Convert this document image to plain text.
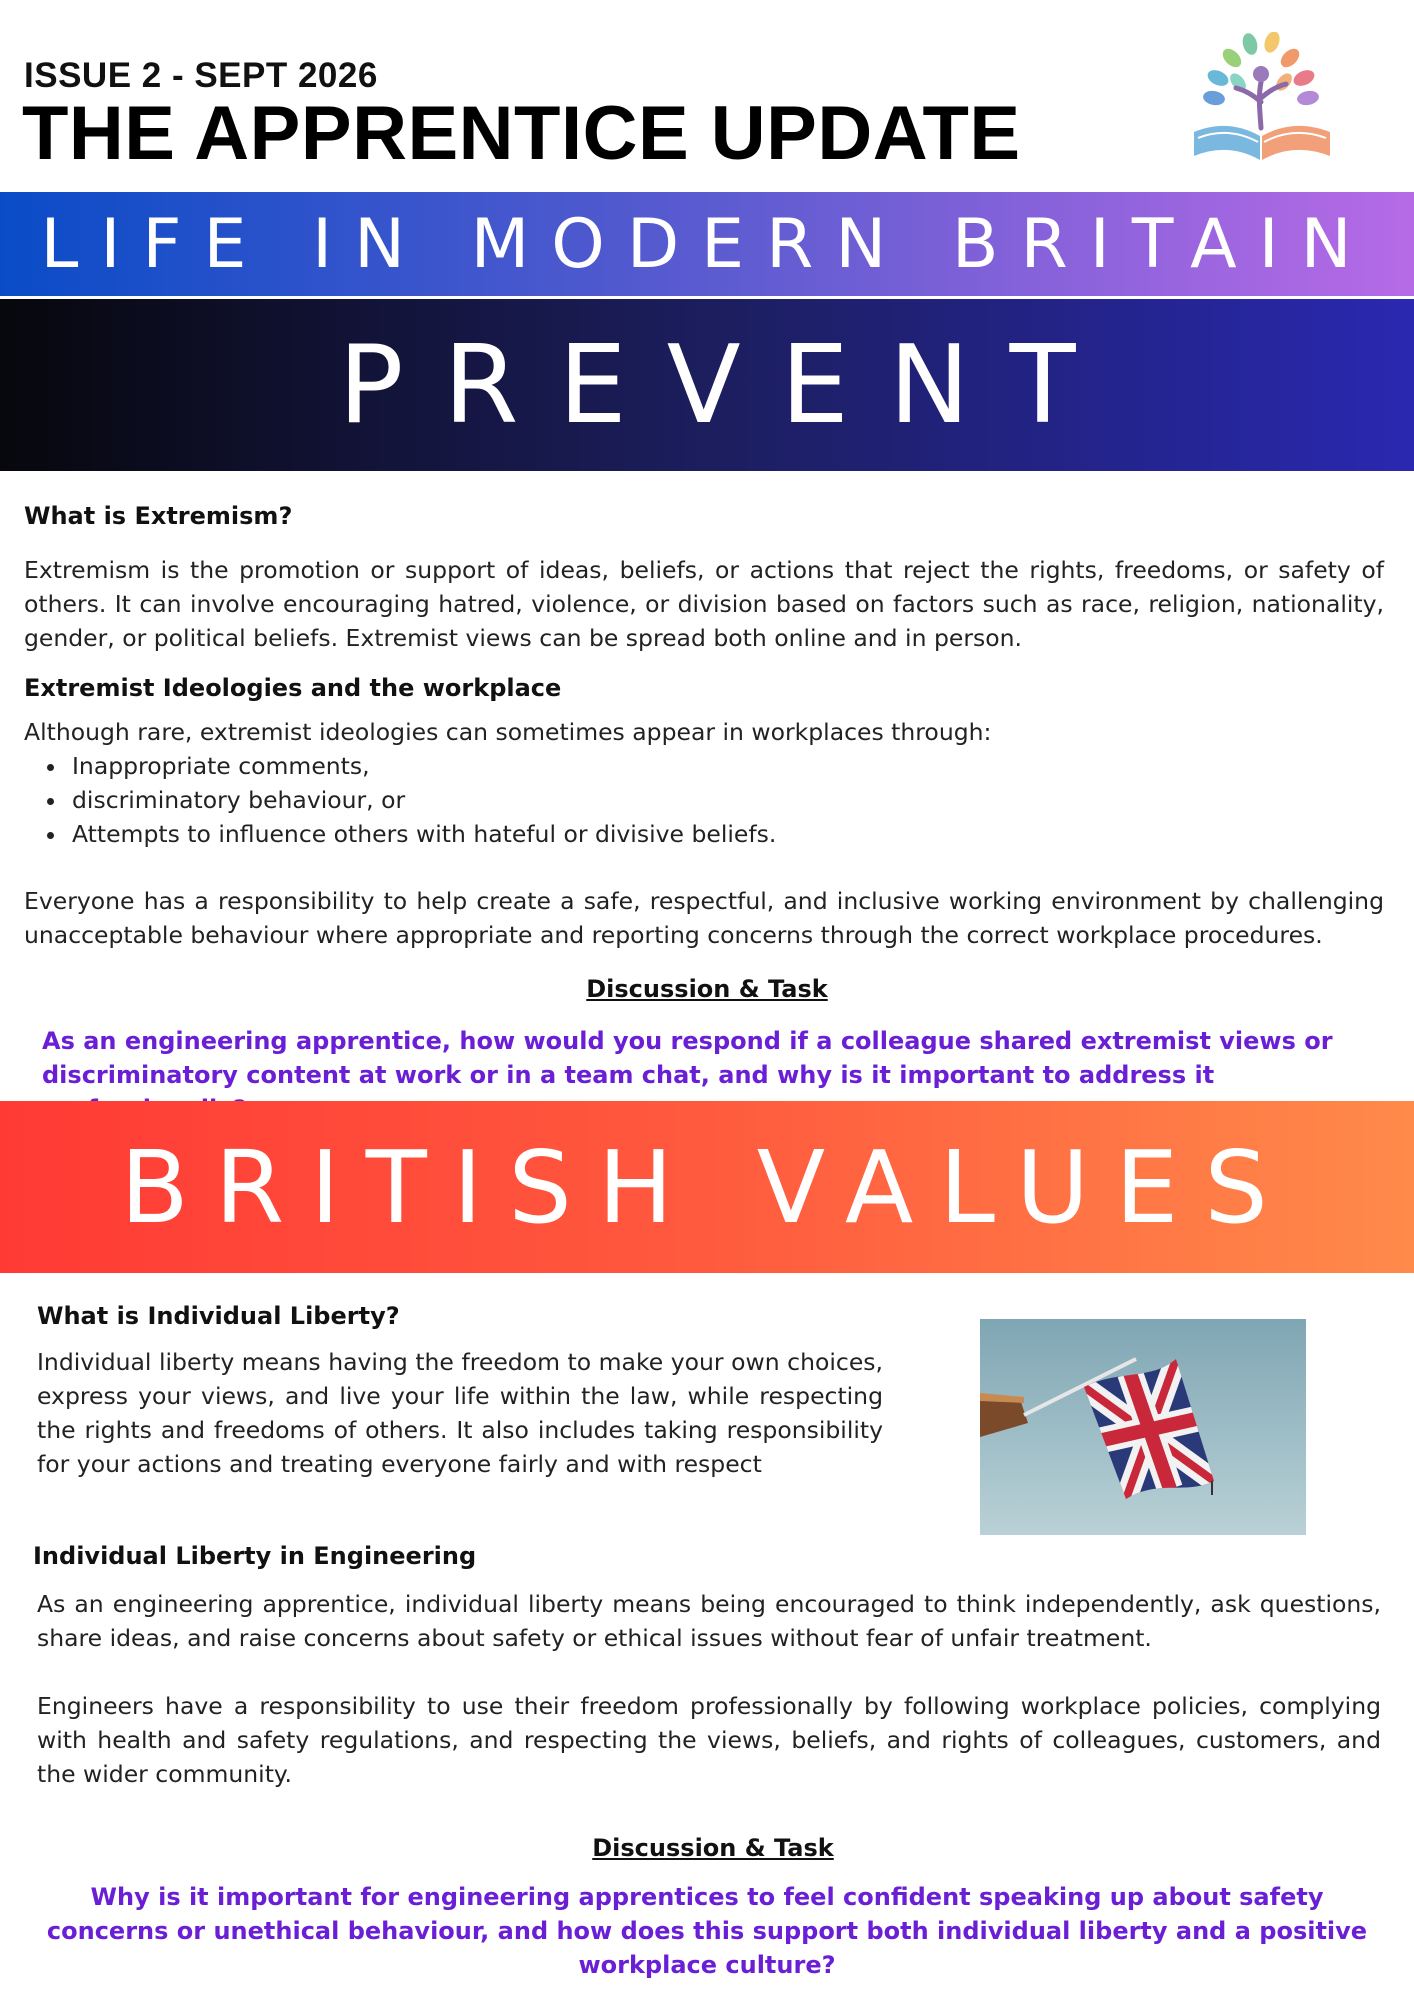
ISSUE 2 - SEPT 2026
THE APPRENTICE UPDATE
LIFE IN MODERN BRITAIN
PREVENT
What is Extremism?
Extremism is the promotion or support of ideas, beliefs, or actions that reject the rights, freedoms, or safety of others. It can involve encouraging hatred, violence, or division based on factors such as race, religion, nationality, gender, or political beliefs. Extremist views can be spread both online and in person.
Extremist Ideologies and the workplace
Although rare, extremist ideologies can sometimes appear in workplaces through:
• Inappropriate comments,
• discriminatory behaviour, or
• Attempts to influence others with hateful or divisive beliefs.
Everyone has a responsibility to help create a safe, respectful, and inclusive working environment by challenging unacceptable behaviour where appropriate and reporting concerns through the correct workplace procedures.
Discussion & Task
As an engineering apprentice, how would you respond if a colleague shared extremist views or discriminatory content at work or in a team chat, and why is it important to address it
BRITISH VALUES
What is Individual Liberty?
Individual liberty means having the freedom to make your own choices, express your views, and live your life within the law, while respecting the rights and freedoms of others. It also includes taking responsibility for your actions and treating everyone fairly and with respect
Individual Liberty in Engineering
As an engineering apprentice, individual liberty means being encouraged to think independently, ask questions, share ideas, and raise concerns about safety or ethical issues without fear of unfair treatment.
Engineers have a responsibility to use their freedom professionally by following workplace policies, complying with health and safety regulations, and respecting the views, beliefs, and rights of colleagues, customers, and the wider community.
Discussion & Task
Why is it important for engineering apprentices to feel confident speaking up about safety concerns or unethical behaviour, and how does this support both individual liberty and a positive workplace culture?
